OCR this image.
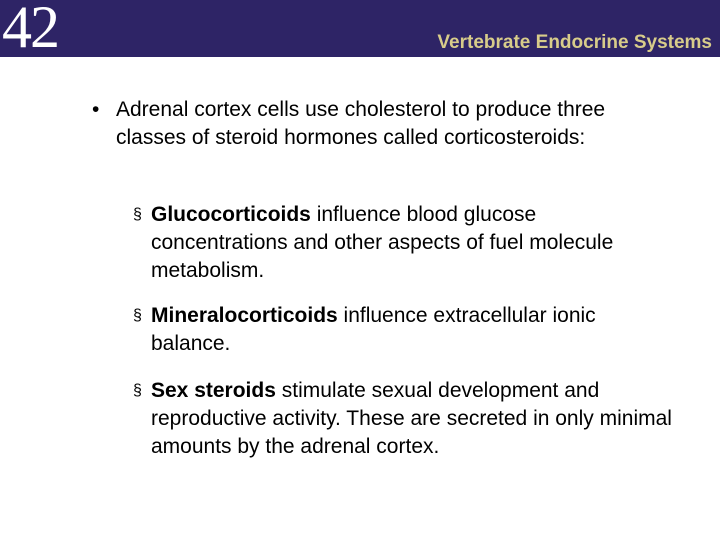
42	Vertebrate Endocrine Systems
• Adrenal cortex cells use cholesterol to produce three classes of steroid hormones called corticosteroids:
§ Glucocorticoids influence blood glucose concentrations and other aspects of fuel molecule metabolism.
§ Mineralocorticoids influence extracellular ionic balance.
§ Sex steroids stimulate sexual development and reproductive activity. These are secreted in only minimal amounts by the adrenal cortex.
